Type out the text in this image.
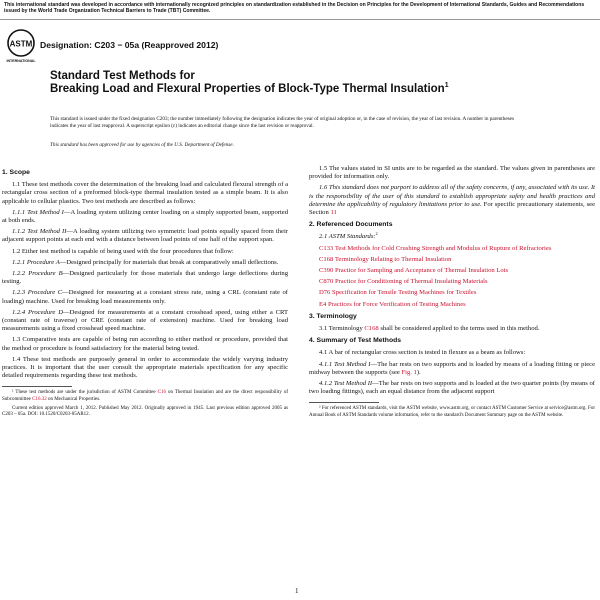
This international standard was developed in accordance with internationally recognized principles on standardization established in the Decision on Principles for the Development of International Standards, Guides and Recommendations issued by the World Trade Organization Technical Barriers to Trade (TBT) Committee.
ASTM
INTERNATIONAL
Designation: C203 − 05a (Reapproved 2012)
Standard Test Methods for
Breaking Load and Flexural Properties of Block-Type Thermal Insulation$^1$
This standard is issued under the fixed designation C203; the number immediately following the designation indicates the year of original adoption or, in the case of revision, the year of last revision. A number in parentheses indicates the year of last reapproval. A superscript epsilon (ε) indicates an editorial change since the last revision or reapproval.
This standard has been approved for use by agencies of the U.S. Department of Defense.
1. Scope

1.1 These test methods cover the determination of the breaking load and calculated flexural strength of a rectangular cross section of a preformed block-type thermal insulation tested as a simple beam. It is also applicable to cellular plastics. Two test methods are described as follows:

1.1.1 Test Method I—A loading system utilizing center loading on a simply supported beam, supported at both ends.

1.1.2 Test Method II—A loading system utilizing two symmetric load points equally spaced from their adjacent support points at each end with a distance between load points of one half of the support span.

1.2 Either test method is capable of being used with the four procedures that follow:

1.2.1 Procedure A—Designed principally for materials that break at comparatively small deflections.

1.2.2 Procedure B—Designed particularly for those materials that undergo large deflections during testing.

1.2.3 Procedure C—Designed for measuring at a constant stress rate, using a CRL (constant rate of loading) machine. Used for breaking load measurements only.

1.2.4 Procedure D—Designed for measurements at a constant crosshead speed, using either a CRT (constant rate of traverse) or CRE (constant rate of extension) machine. Used for breaking load measurements using a fixed crosshead speed machine.

1.3 Comparative tests are capable of being run according to either method or procedure, provided that the method or procedure is found satisfactory for the material being tested.

1.4 These test methods are purposely general in order to accommodate the widely varying industry practices. It is important that the user consult the appropriate materials specification for any specific detailed requirements regarding these test methods.

¹ These test methods are under the jurisdiction of ASTM Committee C16 on Thermal Insulation and are the direct responsibility of Subcommittee C16.32 on Mechanical Properties.

Current edition approved March 1, 2012. Published May 2012. Originally approved in 1945. Last previous edition approved 2005 as C203 – 05a. DOI: 10.1520/C0203-05AR12.

1.5 The values stated in SI units are to be regarded as the standard. The values given in parentheses are provided for information only.

1.6 This standard does not purport to address all of the safety concerns, if any, associated with its use. It is the responsibility of the user of this standard to establish appropriate safety and health practices and determine the applicability of regulatory limitations prior to use. For specific precautionary statements, see Section 11

2. Referenced Documents

2.1 ASTM Standards:$^2$

C133 Test Methods for Cold Crushing Strength and Modulus of Rupture of Refractories

C168 Terminology Relating to Thermal Insulation

C390 Practice for Sampling and Acceptance of Thermal Insulation Lots

C870 Practice for Conditioning of Thermal Insulating Materials

D76 Specification for Tensile Testing Machines for Textiles

E4 Practices for Force Verification of Testing Machines

3. Terminology

3.1 Terminology C168 shall be considered applied to the terms used in this method.

4. Summary of Test Methods

4.1 A bar of rectangular cross section is tested in flexure as a beam as follows:

4.1.1 Test Method I—The bar rests on two supports and is loaded by means of a loading fitting or piece midway between the supports (see Fig. 1).

4.1.2 Test Method II—The bar rests on two supports and is loaded at the two quarter points (by means of two loading fittings), each an equal distance from the adjacent support

² For referenced ASTM standards, visit the ASTM website, www.astm.org, or contact ASTM Customer Service at service@astm.org. For Annual Book of ASTM Standards volume information, refer to the standard's Document Summary page on the ASTM website.

1
